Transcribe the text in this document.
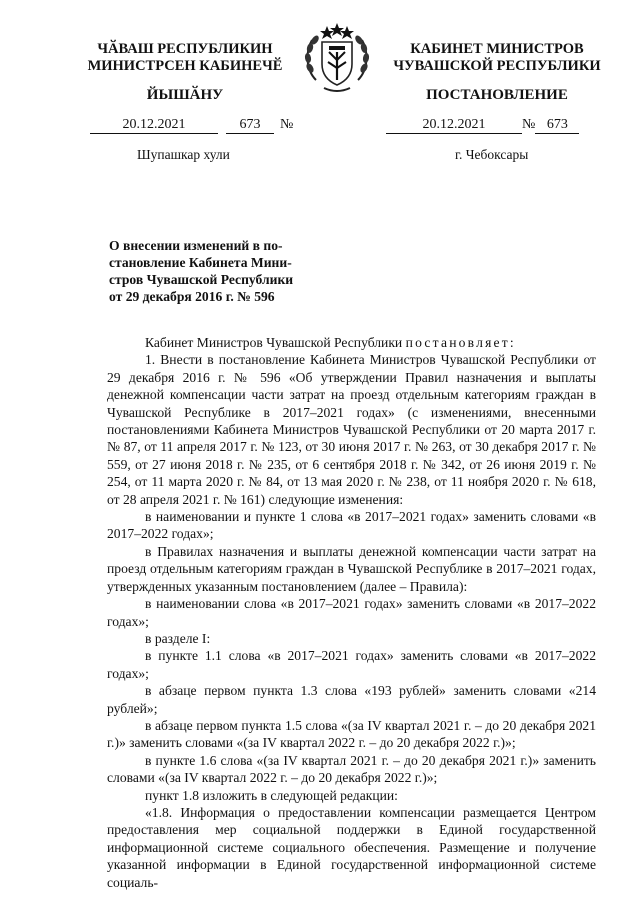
ЧӐВАШ РЕСПУБЛИКИН
МИНИСТРСЕН КАБИНЕЧӖ
КАБИНЕТ МИНИСТРОВ
ЧУВАШСКОЙ РЕСПУБЛИКИ
ЙЫШӐНУ	ПОСТАНОВЛЕНИЕ
20.12.2021	673 №	20.12.2021	№ 673
Шупашкар хули	г. Чебоксары

О внесении изменений в по-

становление Кабинета Мини-

стров Чувашской Республики

от 29 декабря 2016 г. № 596

Кабинет Министров Чувашской Республики постановляет:

1. Внести в постановление Кабинета Министров Чувашской Республики от 29 декабря 2016 г. № 596 «Об утверждении Правил назначения и выплаты денежной компенсации части затрат на проезд отдельным категориям граждан в Чувашской Республике в 2017–2021 годах» (с изменениями, внесенными постановлениями Кабинета Министров Чувашской Республики от 20 марта 2017 г. № 87, от 11 апреля 2017 г. № 123, от 30 июня 2017 г. № 263, от 30 декабря 2017 г. № 559, от 27 июня 2018 г. № 235, от 6 сентября 2018 г. № 342, от 26 июня 2019 г. № 254, от 11 марта 2020 г. № 84, от 13 мая 2020 г. № 238, от 11 ноября 2020 г. № 618, от 28 апреля 2021 г. № 161) следующие изменения:

в наименовании и пункте 1 слова «в 2017–2021 годах» заменить словами «в 2017–2022 годах»;

в Правилах назначения и выплаты денежной компенсации части затрат на проезд отдельным категориям граждан в Чувашской Республике в 2017–2021 годах, утвержденных указанным постановлением (далее – Правила):

в наименовании слова «в 2017–2021 годах» заменить словами «в 2017–2022 годах»;

в разделе I:

в пункте 1.1 слова «в 2017–2021 годах» заменить словами «в 2017–2022 годах»;

в абзаце первом пункта 1.3 слова «193 рублей» заменить словами «214 рублей»;

в абзаце первом пункта 1.5 слова «(за IV квартал 2021 г. – до 20 декабря 2021 г.)» заменить словами «(за IV квартал 2022 г. – до 20 декабря 2022 г.)»;

в пункте 1.6 слова «(за IV квартал 2021 г. – до 20 декабря 2021 г.)» заменить словами «(за IV квартал 2022 г. – до 20 декабря 2022 г.)»;

пункт 1.8 изложить в следующей редакции:

«1.8. Информация о предоставлении компенсации размещается Центром предоставления мер социальной поддержки в Единой государственной информационной системе социального обеспечения. Размещение и получение указанной информации в Единой государственной информационной системе социаль-
